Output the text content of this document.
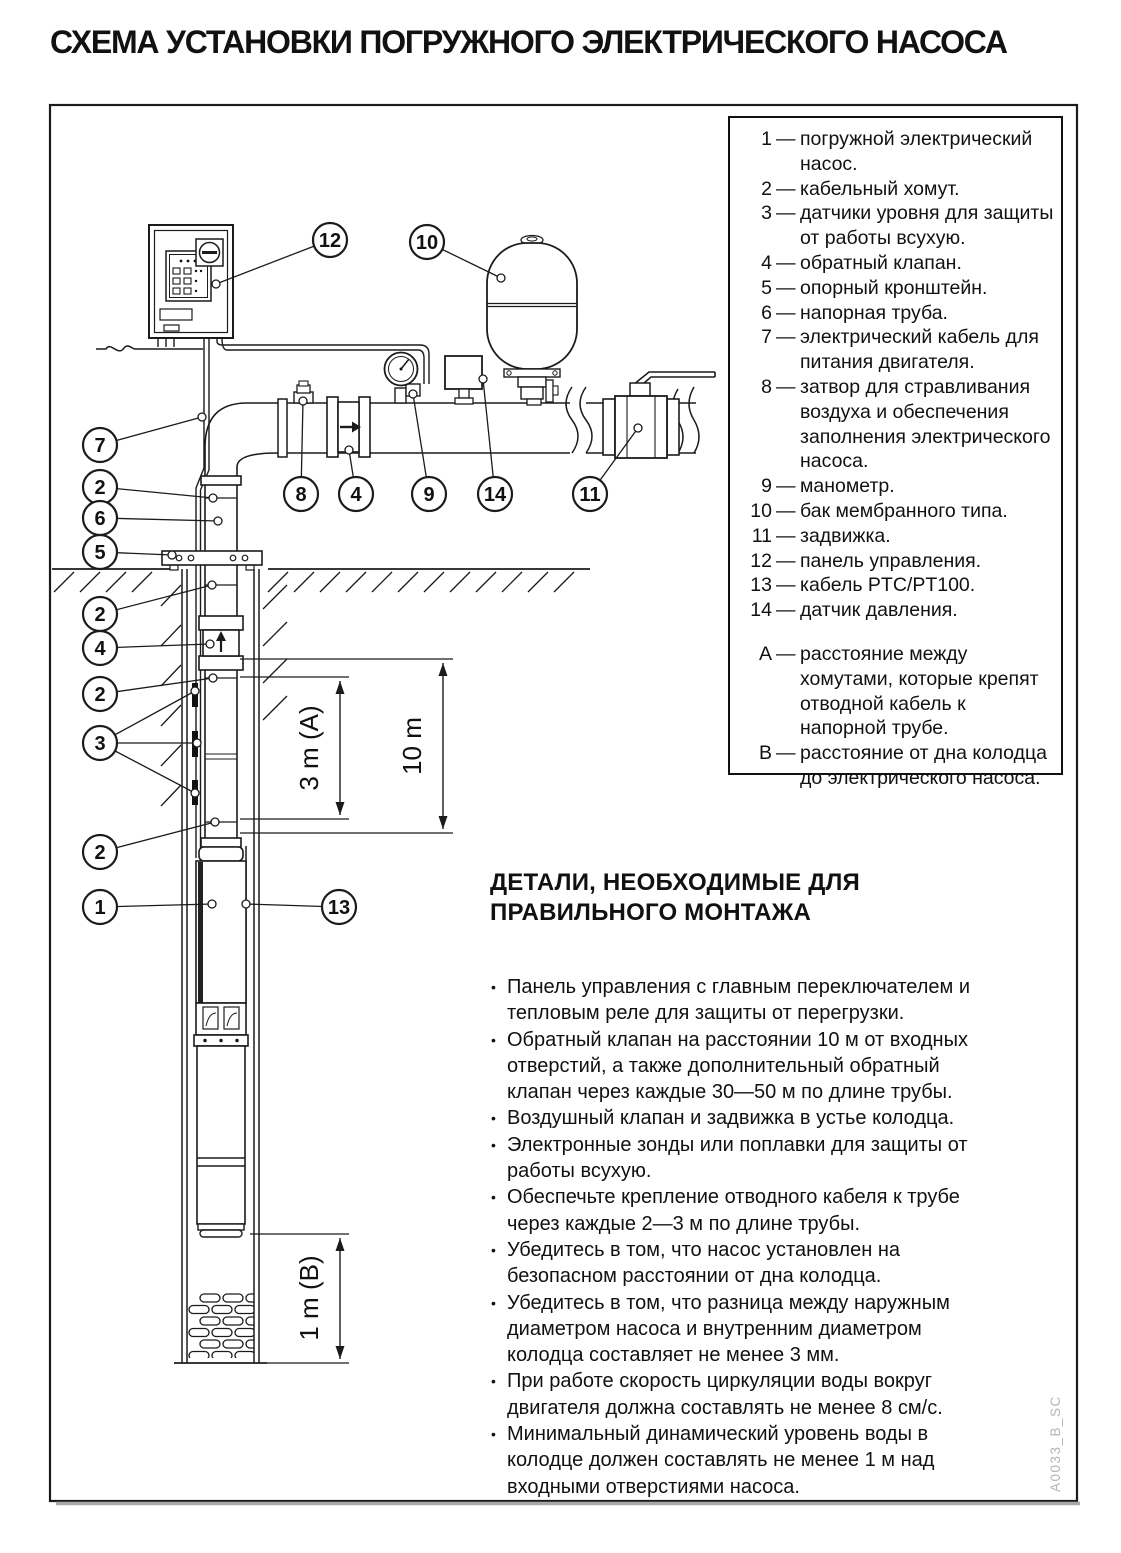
СХЕМА УСТАНОВКИ ПОГРУЖНОГО ЭЛЕКТРИЧЕСКОГО НАСОСА
3 m (A)	10 m
1 m (B)
12	10
7
2
6
5
2
4
2
3
2
1	13
8 4	9 14	11
1 — погружной электрический насос.
2 — кабельный хомут.
3 — датчики уровня для защиты от работы всухую.
4 — обратный клапан.
5 — опорный кронштейн.
6 — напорная труба.
7 — электрический кабель для питания двигателя.
8 — затвор для стравливания воздуха и обеспечения заполнения электрического насоса.
9 — манометр.
10 — бак мембранного типа.
11 — задвижка.
12 — панель управления.
13 — кабель PTC/PT100.
14 — датчик давления.
А — расстояние между хомутами, которые крепят отводной кабель к напорной трубе.
В — расстояние от дна колодца до электрического насоса.
ДЕТАЛИ, НЕОБХОДИМЫЕ ДЛЯ ПРАВИЛЬНОГО МОНТАЖА
• Панель управления с главным переключателем и тепловым реле для защиты от перегрузки.
• Обратный клапан на расстоянии 10 м от входных отверстий, а также дополнительный обратный клапан через каждые 30—50 м по длине трубы.
• Воздушный клапан и задвижка в устье колодца.
• Электронные зонды или поплавки для защиты от работы всухую.
• Обеспечьте крепление отводного кабеля к трубе через каждые 2—3 м по длине трубы.
• Убедитесь в том, что насос установлен на безопасном расстоянии от дна колодца.
• Убедитесь в том, что разница между наружным диаметром насоса и внутренним диаметром колодца составляет не менее 3 мм.
• При работе скорость циркуляции воды вокруг двигателя должна составлять не менее 8 см/с.
• Минимальный динамический уровень воды в колодце должен составлять не менее 1 м над входными отверстиями насоса.	A0033_B_SC
